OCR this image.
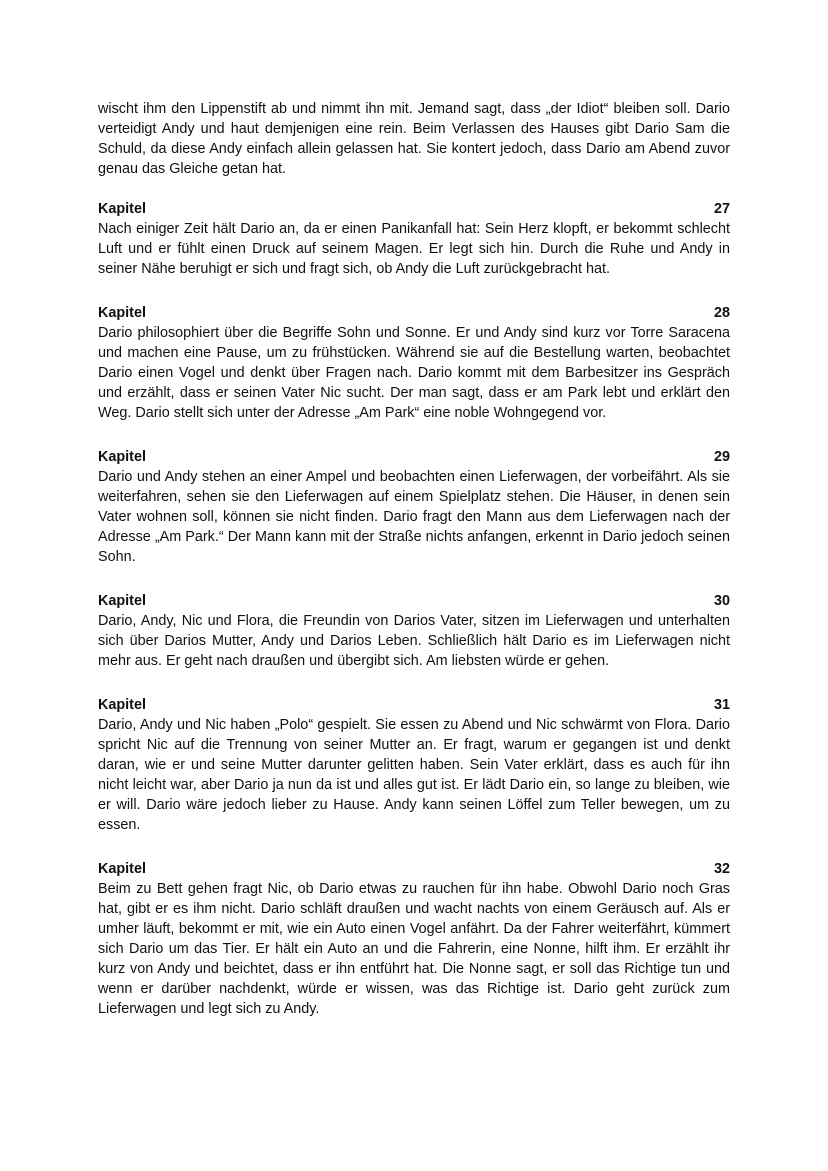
wischt ihm den Lippenstift ab und nimmt ihn mit. Jemand sagt, dass „der Idiot“ bleiben soll. Dario verteidigt Andy und haut demjenigen eine rein. Beim Verlassen des Hauses gibt Dario Sam die Schuld, da diese Andy einfach allein gelassen hat. Sie kontert jedoch, dass Dario am Abend zuvor genau das Gleiche getan hat.

Kapitel	27

Nach einiger Zeit hält Dario an, da er einen Panikanfall hat: Sein Herz klopft, er bekommt schlecht Luft und er fühlt einen Druck auf seinem Magen. Er legt sich hin. Durch die Ruhe und Andy in seiner Nähe beruhigt er sich und fragt sich, ob Andy die Luft zurückgebracht hat.

Kapitel	28

Dario philosophiert über die Begriffe Sohn und Sonne. Er und Andy sind kurz vor Torre Saracena und machen eine Pause, um zu frühstücken. Während sie auf die Bestellung warten, beobachtet Dario einen Vogel und denkt über Fragen nach. Dario kommt mit dem Barbesitzer ins Gespräch und erzählt, dass er seinen Vater Nic sucht. Der man sagt, dass er am Park lebt und erklärt den Weg. Dario stellt sich unter der Adresse „Am Park“ eine noble Wohngegend vor.

Kapitel	29

Dario und Andy stehen an einer Ampel und beobachten einen Lieferwagen, der vorbeifährt. Als sie weiterfahren, sehen sie den Lieferwagen auf einem Spielplatz stehen. Die Häuser, in denen sein Vater wohnen soll, können sie nicht finden. Dario fragt den Mann aus dem Lieferwagen nach der Adresse „Am Park.“ Der Mann kann mit der Straße nichts anfangen, erkennt in Dario jedoch seinen Sohn.

Kapitel	30

Dario, Andy, Nic und Flora, die Freundin von Darios Vater, sitzen im Lieferwagen und unterhalten sich über Darios Mutter, Andy und Darios Leben. Schließlich hält Dario es im Lieferwagen nicht mehr aus. Er geht nach draußen und übergibt sich. Am liebsten würde er gehen.

Kapitel	31

Dario, Andy und Nic haben „Polo“ gespielt. Sie essen zu Abend und Nic schwärmt von Flora. Dario spricht Nic auf die Trennung von seiner Mutter an. Er fragt, warum er gegangen ist und denkt daran, wie er und seine Mutter darunter gelitten haben. Sein Vater erklärt, dass es auch für ihn nicht leicht war, aber Dario ja nun da ist und alles gut ist. Er lädt Dario ein, so lange zu bleiben, wie er will. Dario wäre jedoch lieber zu Hause. Andy kann seinen Löffel zum Teller bewegen, um zu essen.

Kapitel	32

Beim zu Bett gehen fragt Nic, ob Dario etwas zu rauchen für ihn habe. Obwohl Dario noch Gras hat, gibt er es ihm nicht. Dario schläft draußen und wacht nachts von einem Geräusch auf. Als er umher läuft, bekommt er mit, wie ein Auto einen Vogel anfährt. Da der Fahrer weiterfährt, kümmert sich Dario um das Tier. Er hält ein Auto an und die Fahrerin, eine Nonne, hilft ihm. Er erzählt ihr kurz von Andy und beichtet, dass er ihn entführt hat. Die Nonne sagt, er soll das Richtige tun und wenn er darüber nachdenkt, würde er wissen, was das Richtige ist. Dario geht zurück zum Lieferwagen und legt sich zu Andy.
